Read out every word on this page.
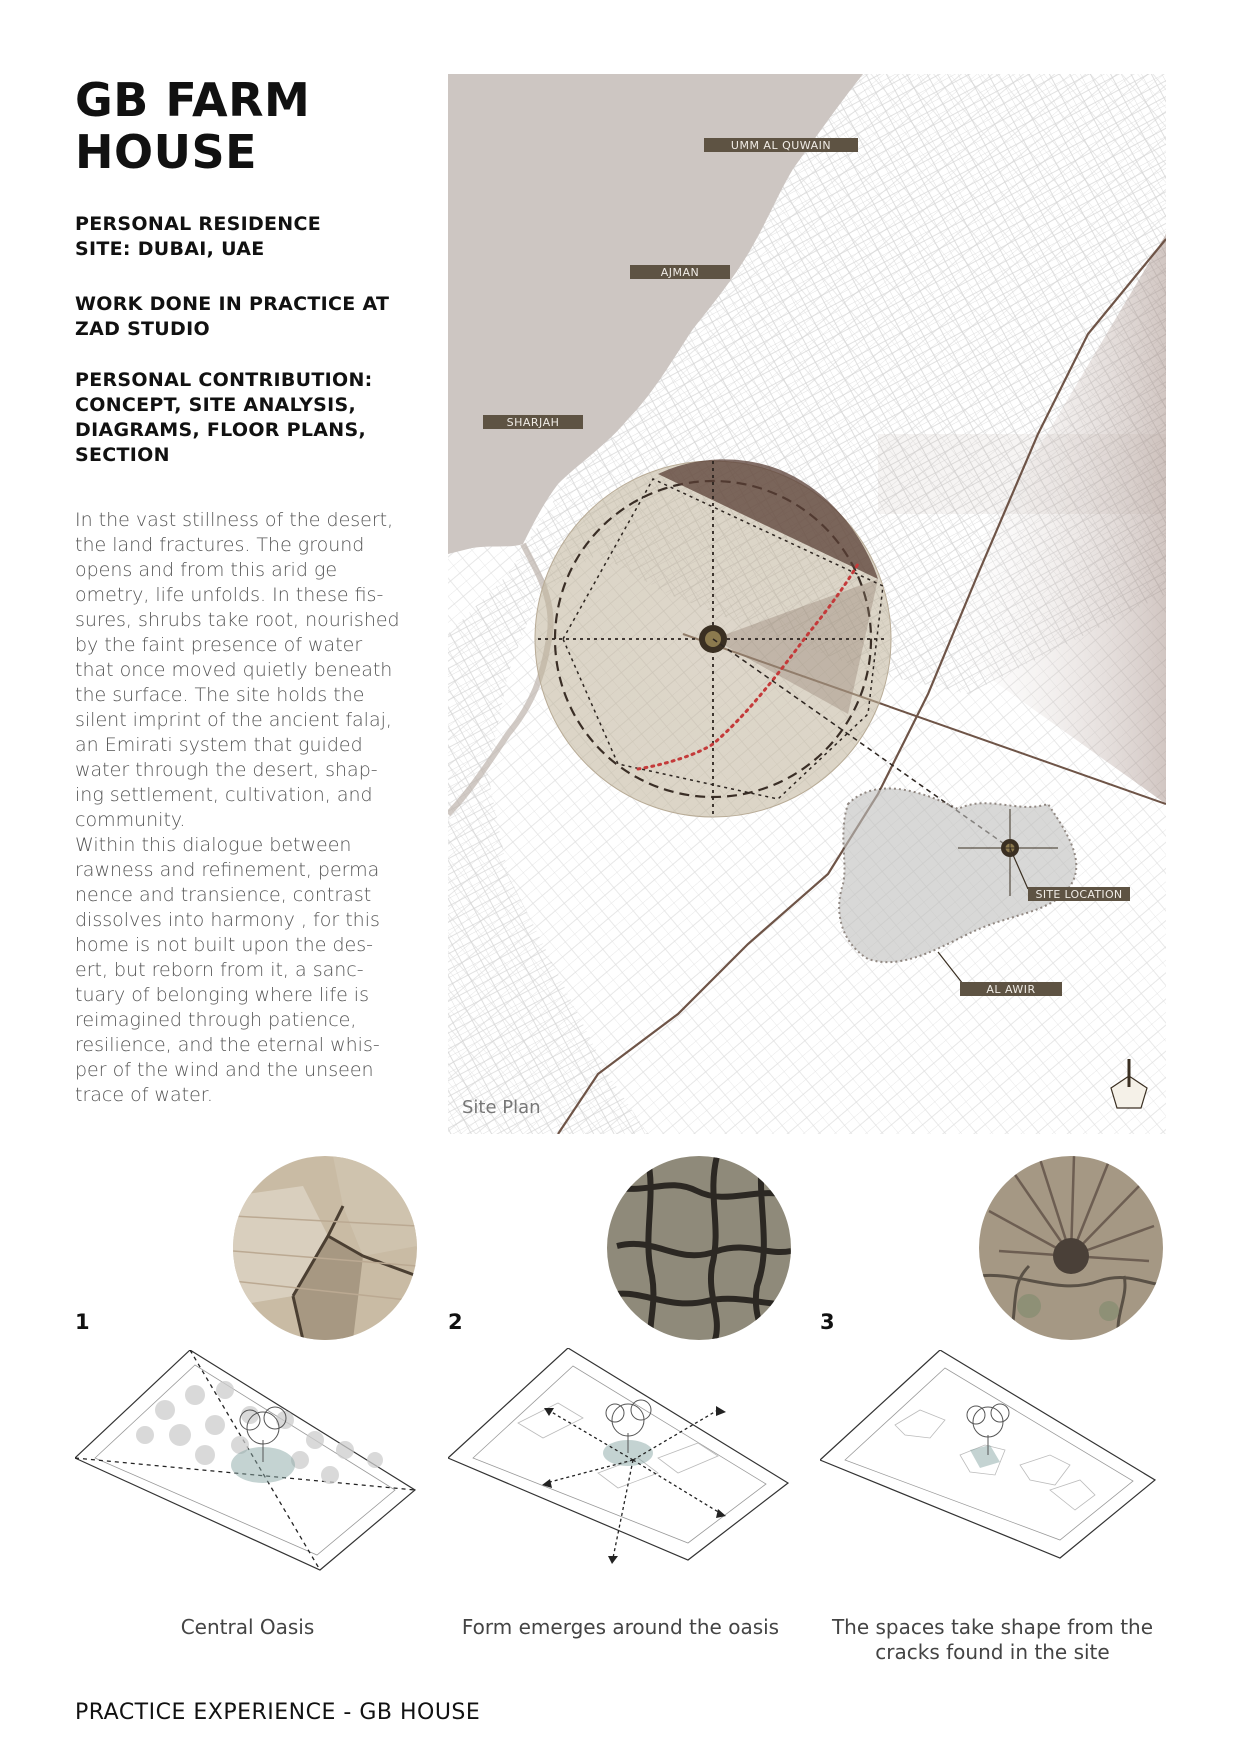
GB FARM
HOUSE
PERSONAL RESIDENCE
SITE: DUBAI, UAE
WORK DONE IN PRACTICE AT
ZAD STUDIO
PERSONAL CONTRIBUTION:
CONCEPT, SITE ANALYSIS,
DIAGRAMS, FLOOR PLANS,
SECTION

In the vast stillness of the desert,

the land fractures. The ground

opens and from this arid ge

ometry, life unfolds. In these fis-

sures, shrubs take root, nourished

by the faint presence of water

that once moved quietly beneath

the surface. The site holds the

silent imprint of the ancient falaj,

an Emirati system that guided

water through the desert, shap-

ing settlement, cultivation, and

community.

Within this dialogue between

rawness and refinement, perma

nence and transience, contrast

dissolves into harmony , for this

home is not built upon the des-

ert, but reborn from it, a sanc-

tuary of belonging where life is

reimagined through patience,

resilience, and the eternal whis-

per of the wind and the unseen

trace of water.

UMM AL QUWAIN
AJMAN
SHARJAH
SITE LOCATION
AL AWIR
Site Plan
1	2	3
Central Oasis	Form emerges around the oasis	The spaces take shape from the
cracks found in the site
PRACTICE EXPERIENCE - GB HOUSE
